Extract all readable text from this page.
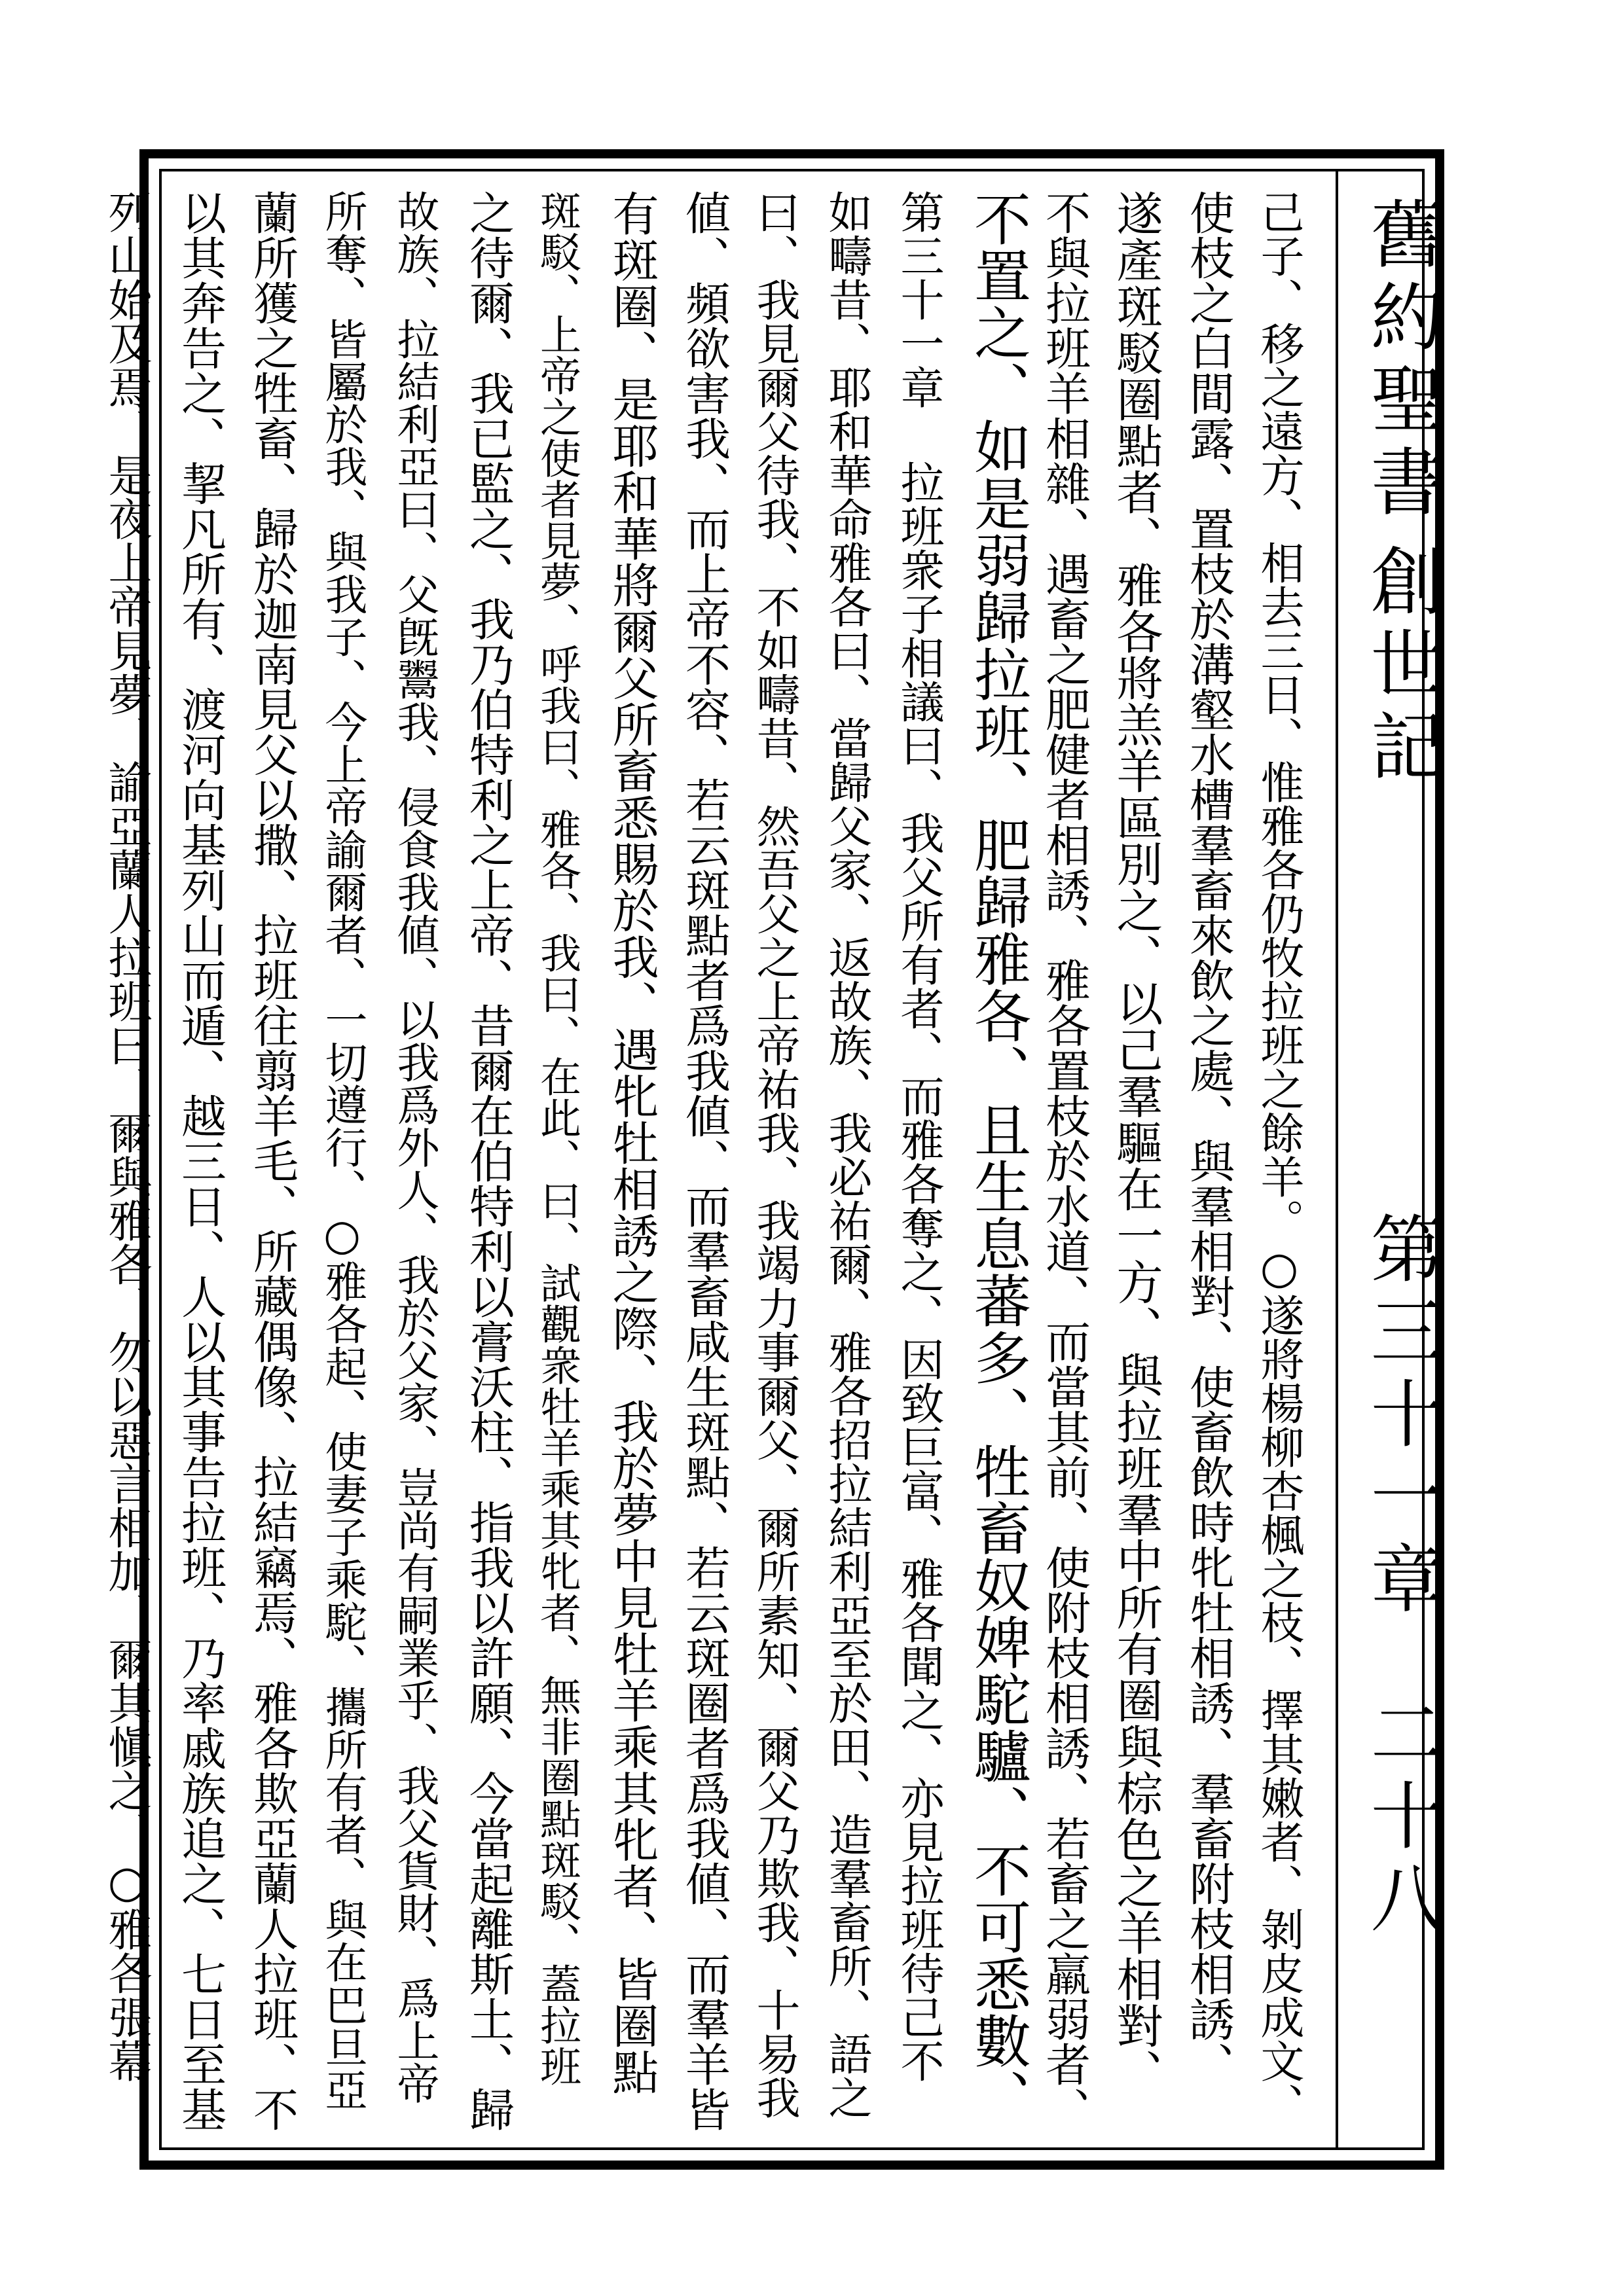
舊約聖書
創世記
第三十一章
二十八
己子、移之遠方、相去三日、惟雅各仍牧拉班之餘羊。○遂將楊柳杏楓之枝、擇其嫩者、剝皮成文、
使枝之白間露、置枝於溝壑水槽羣畜來飲之處、與羣相對、使畜飲時牝牡相誘、羣畜附枝相誘、
遂產斑駁圈點者、雅各將羔羊區別之、以己羣驅在一方、與拉班羣中所有圈與棕色之羊相對、
不與拉班羊相雜、遇畜之肥健者相誘、雅各置枝於水道、而當其前、使附枝相誘、若畜之羸弱者、
不置之、如是弱歸拉班、肥歸雅各、且生息蕃多、牲畜奴婢駝驢、不可悉數、
第三十一章 拉班衆子相議曰、我父所有者、而雅各奪之、因致巨富、雅各聞之、亦見拉班待己不
如疇昔、耶和華命雅各曰、當歸父家、返故族、我必祐爾、雅各招拉結利亞至於田、造羣畜所、語之
曰、我見爾父待我、不如疇昔、然吾父之上帝祐我、我竭力事爾父、爾所素知、爾父乃欺我、十易我
値、頻欲害我、而上帝不容、若云斑點者爲我値、而羣畜咸生斑點、若云斑圈者爲我値、而羣羊皆
有斑圈、是耶和華將爾父所畜悉賜於我、遇牝牡相誘之際、我於夢中見牡羊乘其牝者、皆圈點
斑駁、上帝之使者見夢、呼我曰、雅各、我曰、在此、曰、試觀衆牡羊乘其牝者、無非圈點斑駁、蓋拉班
之待爾、我已監之、我乃伯特利之上帝、昔爾在伯特利以膏沃柱、指我以許願、今當起離斯土、歸
故族、拉結利亞曰、父旣鬻我、侵食我値、以我爲外人、我於父家、豈尚有嗣業乎、我父貨財、爲上帝
所奪、皆屬於我、與我子、今上帝諭爾者、一切遵行、○雅各起、使妻子乘駝、攜所有者、與在巴旦亞
蘭所獲之牲畜、歸於迦南見父以撒、拉班往翦羊毛、所藏偶像、拉結竊焉、雅各欺亞蘭人拉班、不
以其奔告之、挈凡所有、渡河向基列山而遁、越三日、人以其事告拉班、乃率戚族追之、七日至基
列山始及焉、是夜上帝見夢、諭亞蘭人拉班曰、爾與雅各、勿以惡言相加、爾其愼之、○雅各張幕
